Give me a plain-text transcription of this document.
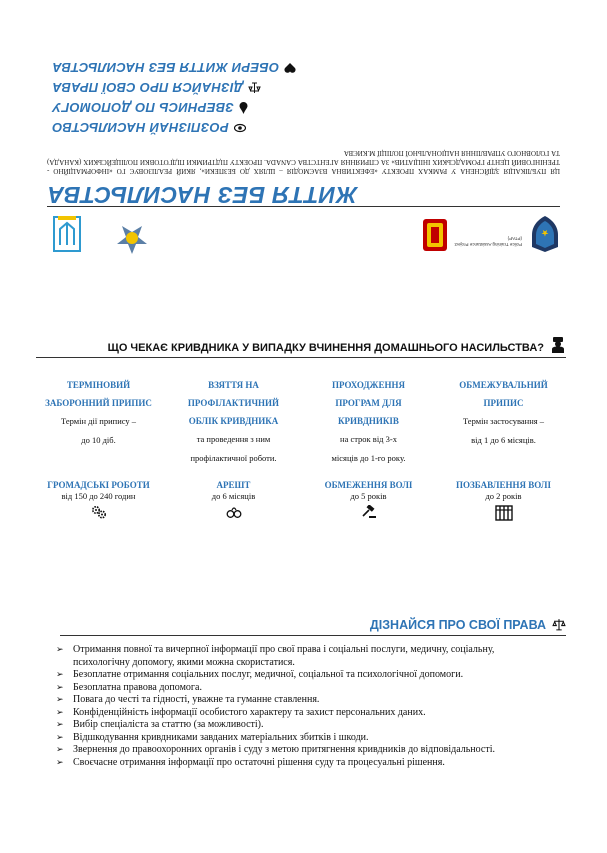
★
Police Training Assistance Project (PTAP)
ЖИТТЯ БЕЗ НАСИЛЬСТВА
ЦЯ ПУБЛІКАЦІЯ ЗДІЙСНЕНА У РАМКАХ ПРОЕКТУ «ЕФЕКТИВНА ВЗАЄМОДІЯ – ШЛЯХ ДО БЕЗПЕКИ», ЯКИЙ РЕАЛІЗОВУЄ ГО «ІНФОРМАЦІЙНО - ТРЕНІНГОВИЙ ЦЕНТР ГРОМАДСЬКИХ ІНІЦІАТИВ» ЗА СПРИЯННЯ АГЕНТСТВА CANADA. ПРОЕКТУ ПІДТРИМКИ ПІДГОТОВКИ ПОЛІЦЕЙСЬКИХ (КАНАДА) ТА ГОЛОВНОГО УПРАВЛІННЯ НАЦІОНАЛЬНОЇ ПОЛІЦІЇ М.КИЄВА
РОЗПІЗНАЙ НАСИЛЬСТВО
ЗВЕРНИСЬ ПО ДОПОМОГУ
ДІЗНАЙСЯ ПРО СВОЇ ПРАВА
ОБЕРИ ЖИТТЯ БЕЗ НАСИЛЬСТВА
ЩО ЧЕКАЄ КРИВДНИКА У ВИПАДКУ ВЧИНЕННЯ ДОМАШНЬОГО НАСИЛЬСТВА?
ТЕРМІНОВИЙ
ЗАБОРОННИЙ ПРИПИС
Термін дії припису –
до 10 діб.
ВЗЯТТЯ НА
ПРОФІЛАКТИЧНИЙ
ОБЛІК КРИВДНИКА
та проведення з ним
профілактичної роботи.
ПРОХОДЖЕННЯ
ПРОГРАМ ДЛЯ
КРИВДНИКІВ
на строк від 3-х
місяців до 1-го року.
ОБМЕЖУВАЛЬНИЙ
ПРИПИС
Термін застосування –
від 1 до 6 місяців.
ГРОМАДСЬКІ РОБОТИ
від 150 до 240 годин
АРЕШТ
до 6 місяців
ОБМЕЖЕННЯ ВОЛІ
до 5 років
ПОЗБАВЛЕННЯ ВОЛІ
до 2 років
ДІЗНАЙСЯ ПРО СВОЇ ПРАВА
➢ Отримання повної та вичерпної інформації про свої права і соціальні послуги, медичну, соціальну, психологічну допомогу, якими можна скористатися.
➢ Безоплатне отримання соціальних послуг, медичної, соціальної та психологічної допомоги.
➢ Безоплатна правова допомога.
➢ Повага до честі та гідності, уважне та гуманне ставлення.
➢ Конфіденційність інформації особистого характеру та захист персональних даних.
➢ Вибір спеціаліста за статтю (за можливості).
➢ Відшкодування кривдниками завданих матеріальних збитків і шкоди.
➢ Звернення до правоохоронних органів і суду з метою притягнення кривдників до відповідальності.
➢ Своєчасне отримання інформації про остаточні рішення суду та процесуальні рішення.
